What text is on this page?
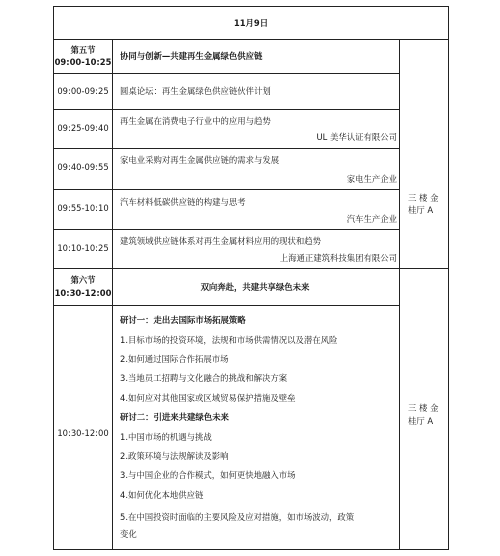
11月9日
第五节
09:00-10:25
协同与创新—共建再生金属绿色供应链
09:00-09:25 圆桌论坛：再生金属绿色供应链伙伴计划
09:25-09:40
再生金属在消费电子行业中的应用与趋势
UL 美华认证有限公司
09:40-09:55
家电业采购对再生金属供应链的需求与发展
家电生产企业
09:55-10:10
汽车材料低碳供应链的构建与思考
汽车生产企业
10:10-10:25
建筑领域供应链体系对再生金属材料应用的现状和趋势
上海通正建筑科技集团有限公司
三 楼 金
桂厅 A
第六节
10:30-12:00
双向奔赴，共建共享绿色未来
10:30-12:00
研讨一：走出去国际市场拓展策略
1.目标市场的投资环境，法规和市场供需情况以及潜在风险
2.如何通过国际合作拓展市场
3.当地员工招聘与文化融合的挑战和解决方案
4.如何应对其他国家或区域贸易保护措施及壁垒
研讨二：引进来共建绿色未来
1.中国市场的机遇与挑战
2.政策环境与法规解读及影响
3.与中国企业的合作模式，如何更快地融入市场
4.如何优化本地供应链
5.在中国投资时面临的主要风险及应对措施，如市场波动，政策
变化
三 楼 金
桂厅 A
